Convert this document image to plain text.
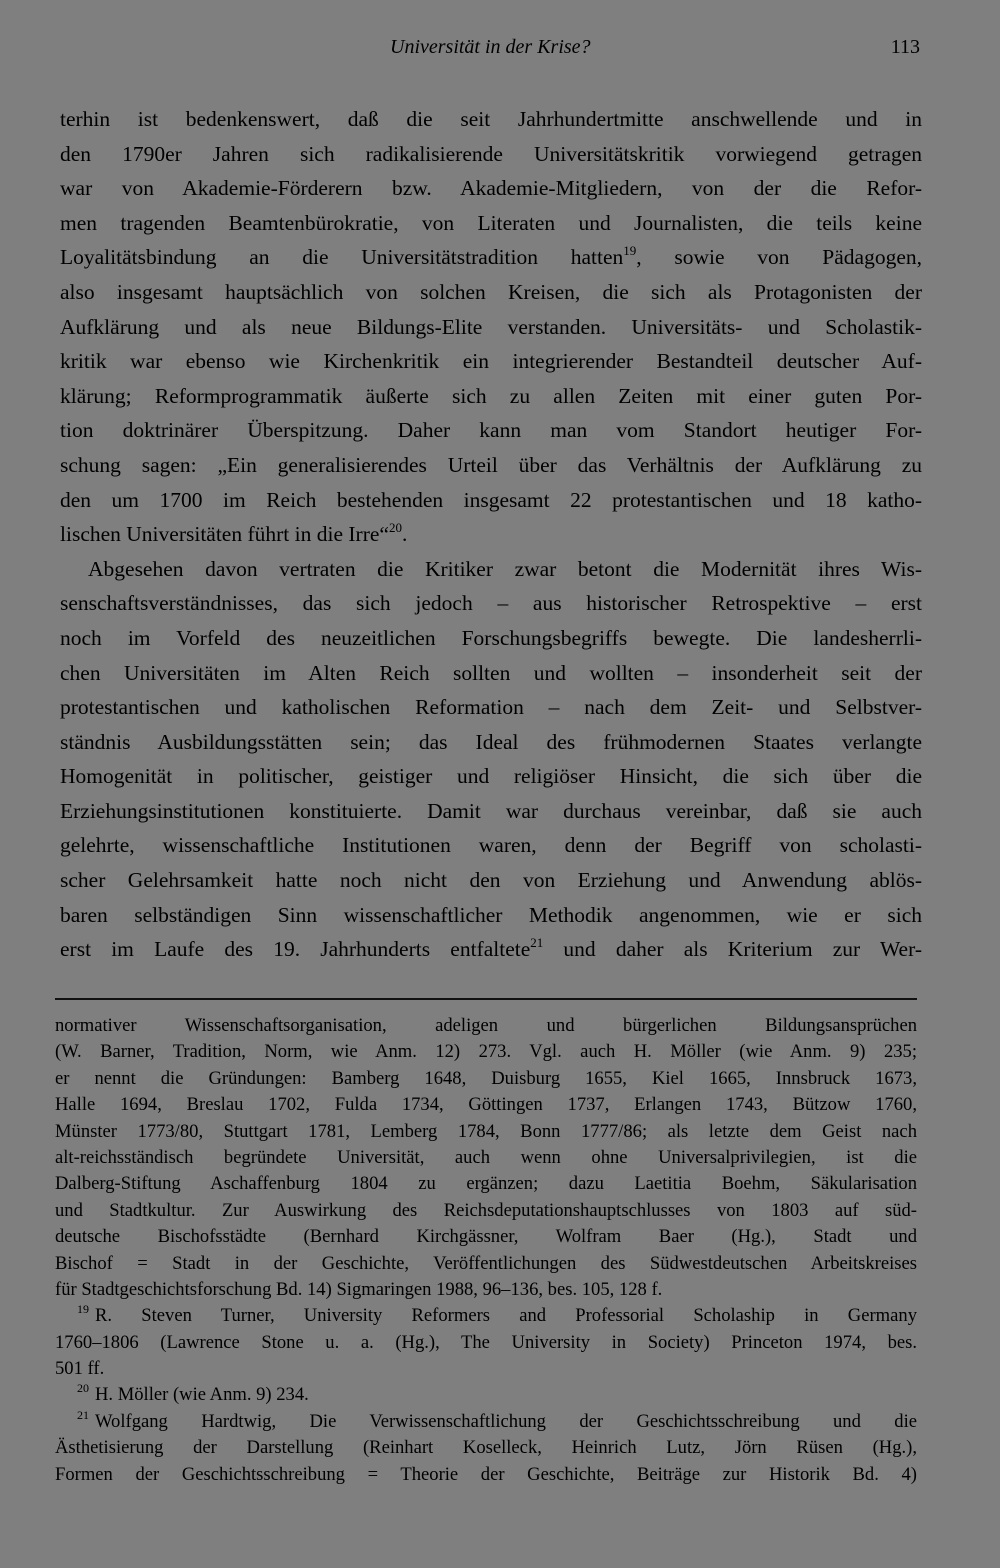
Universität in der Krise?	113
terhin ist bedenkenswert, daß die seit Jahrhundertmitte anschwellende und in
den 1790er Jahren sich radikalisierende Universitätskritik vorwiegend getragen
war von Akademie-Förderern bzw. Akademie-Mitgliedern, von der die Refor-
men tragenden Beamtenbürokratie, von Literaten und Journalisten, die teils keine
Loyalitätsbindung an die Universitätstradition hatten$^{19}$, sowie von Pädagogen,
also insgesamt hauptsächlich von solchen Kreisen, die sich als Protagonisten der
Aufklärung und als neue Bildungs-Elite verstanden. Universitäts- und Scholastik-
kritik war ebenso wie Kirchenkritik ein integrierender Bestandteil deutscher Auf-
klärung; Reformprogrammatik äußerte sich zu allen Zeiten mit einer guten Por-
tion doktrinärer Überspitzung. Daher kann man vom Standort heutiger For-
schung sagen: „Ein generalisierendes Urteil über das Verhältnis der Aufklärung zu
den um 1700 im Reich bestehenden insgesamt 22 protestantischen und 18 katho-
lischen Universitäten führt in die Irre“$^{20}$.
Abgesehen davon vertraten die Kritiker zwar betont die Modernität ihres Wis-
senschaftsverständnisses, das sich jedoch – aus historischer Retrospektive – erst
noch im Vorfeld des neuzeitlichen Forschungsbegriffs bewegte. Die landesherrli-
chen Universitäten im Alten Reich sollten und wollten – insonderheit seit der
protestantischen und katholischen Reformation – nach dem Zeit- und Selbstver-
ständnis Ausbildungsstätten sein; das Ideal des frühmodernen Staates verlangte
Homogenität in politischer, geistiger und religiöser Hinsicht, die sich über die
Erziehungsinstitutionen konstituierte. Damit war durchaus vereinbar, daß sie auch
gelehrte, wissenschaftliche Institutionen waren, denn der Begriff von scholasti-
scher Gelehrsamkeit hatte noch nicht den von Erziehung und Anwendung ablös-
baren selbständigen Sinn wissenschaftlicher Methodik angenommen, wie er sich
erst im Laufe des 19. Jahrhunderts entfaltete$^{21}$ und daher als Kriterium zur Wer-
normativer Wissenschaftsorganisation, adeligen und bürgerlichen Bildungsansprüchen
(W. Barner, Tradition, Norm, wie Anm. 12) 273. Vgl. auch H. Möller (wie Anm. 9) 235;
er nennt die Gründungen: Bamberg 1648, Duisburg 1655, Kiel 1665, Innsbruck 1673,
Halle 1694, Breslau 1702, Fulda 1734, Göttingen 1737, Erlangen 1743, Bützow 1760,
Münster 1773/80, Stuttgart 1781, Lemberg 1784, Bonn 1777/86; als letzte dem Geist nach
alt-reichsständisch begründete Universität, auch wenn ohne Universalprivilegien, ist die
Dalberg-Stiftung Aschaffenburg 1804 zu ergänzen; dazu Laetitia Boehm, Säkularisation
und Stadtkultur. Zur Auswirkung des Reichsdeputationshauptschlusses von 1803 auf süd-
deutsche Bischofsstädte (Bernhard Kirchgässner, Wolfram Baer (Hg.), Stadt und
Bischof = Stadt in der Geschichte, Veröffentlichungen des Südwestdeutschen Arbeitskreises
für Stadtgeschichtsforschung Bd. 14) Sigmaringen 1988, 96–136, bes. 105, 128 f.
$^{19}$ R. Steven Turner, University Reformers and Professorial Scholaship in Germany
1760–1806 (Lawrence Stone u. a. (Hg.), The University in Society) Princeton 1974, bes.
501 ff.
$^{20}$ H. Möller (wie Anm. 9) 234.
$^{21}$ Wolfgang Hardtwig, Die Verwissenschaftlichung der Geschichtsschreibung und die
Ästhetisierung der Darstellung (Reinhart Koselleck, Heinrich Lutz, Jörn Rüsen (Hg.),
Formen der Geschichtsschreibung = Theorie der Geschichte, Beiträge zur Historik Bd. 4)
